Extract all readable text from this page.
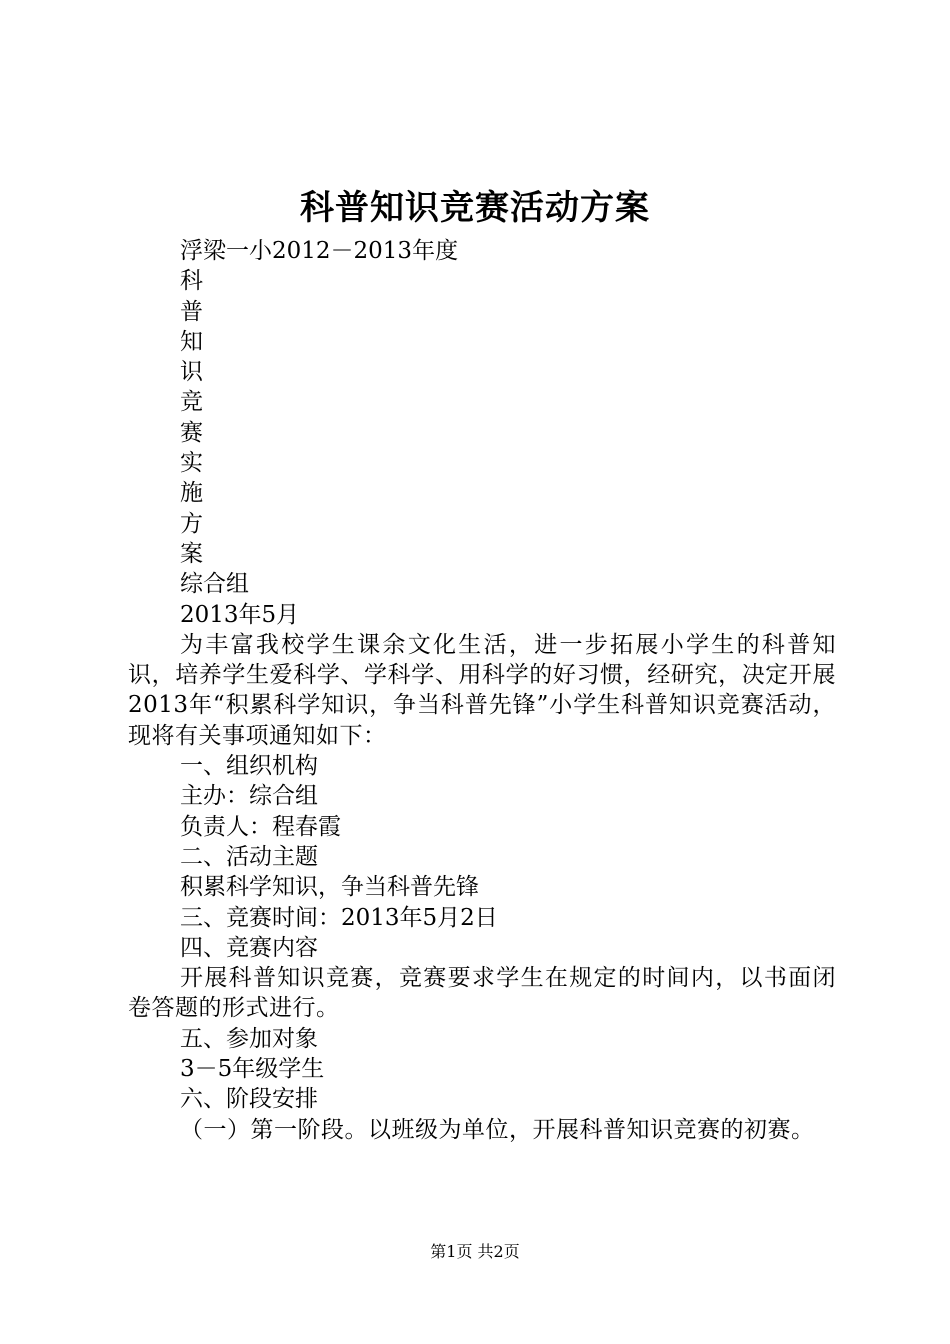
科普知识竞赛活动方案
浮梁一小2012－2013年度
科
普
知
识
竞
赛
实
施
方
案
综合组
2013年5月
为丰富我校学生课余文化生活，进一步拓展小学生的科普知识，培养学生爱科学、学科学、用科学的好习惯，经研究，决定开展2013年“积累科学知识，争当科普先锋”小学生科普知识竞赛活动，现将有关事项通知如下：
一、组织机构
主办：综合组
负责人：程春霞
二、活动主题
积累科学知识，争当科普先锋
三、竞赛时间：2013年5月2日
四、竞赛内容
开展科普知识竞赛，竞赛要求学生在规定的时间内，以书面闭卷答题的形式进行。
五、参加对象
3－5年级学生
六、阶段安排
（一）第一阶段。以班级为单位，开展科普知识竞赛的初赛。
第1页 共2页
